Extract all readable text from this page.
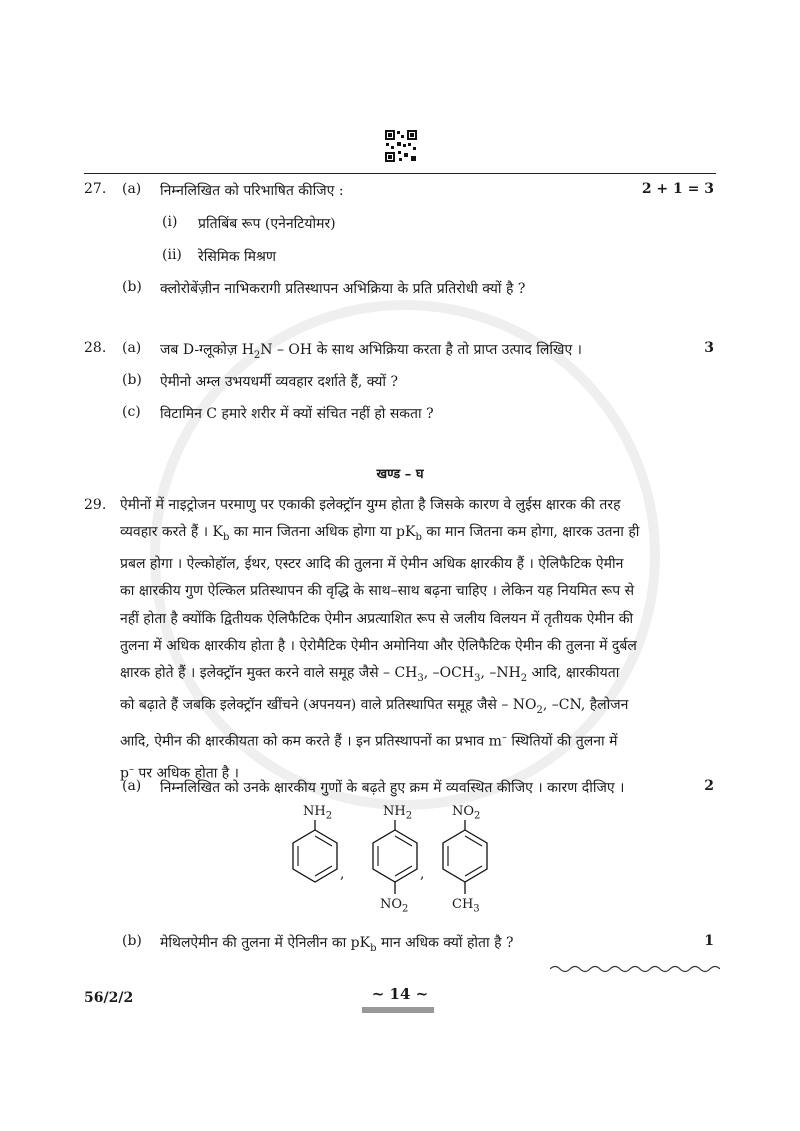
27. (a) निम्नलिखित को परिभाषित कीजिए :	2 + 1 = 3
(i) प्रतिबिंब रूप (एनेनटियोमर)
(ii) रेसिमिक मिश्रण
(b) क्लोरोबेंज़ीन नाभिकरागी प्रतिस्थापन अभिक्रिया के प्रति प्रतिरोधी क्यों है ?
28. (a) जब D-ग्लूकोज़ $H_2N$ – OH के साथ अभिक्रिया करता है तो प्राप्त उत्पाद लिखिए ।	3
(b) ऐमीनो अम्ल उभयधर्मी व्यवहार दर्शाते हैं, क्यों ?
(c) विटामिन C हमारे शरीर में क्यों संचित नहीं हो सकता ?
खण्ड – घ
29. ऐमीनों में नाइट्रोजन परमाणु पर एकाकी इलेक्ट्रॉन युग्म होता है जिसके कारण वे लुईस क्षारक की तरह

व्यवहार करते हैं । $K_b$ का मान जितना अधिक होगा या $pK_b$ का मान जितना कम होगा, क्षारक उतना ही

प्रबल होगा । ऐल्कोहॉल, ईथर, एस्टर आदि की तुलना में ऐमीन अधिक क्षारकीय हैं । ऐलिफैटिक ऐमीन

का क्षारकीय गुण ऐल्किल प्रतिस्थापन की वृद्धि के साथ–साथ बढ़ना चाहिए । लेकिन यह नियमित रूप से

नहीं होता है क्योंकि द्वितीयक ऐलिफैटिक ऐमीन अप्रत्याशित रूप से जलीय विलयन में तृतीयक ऐमीन की

तुलना में अधिक क्षारकीय होता है । ऐरोमैटिक ऐमीन अमोनिया और ऐलिफैटिक ऐमीन की तुलना में दुर्बल

क्षारक होते हैं । इलेक्ट्रॉन मुक्त करने वाले समूह जैसे – $CH_3$, $-OCH_3$, $-NH_2$ आदि, क्षारकीयता

को बढ़ाते हैं जबकि इलेक्ट्रॉन खींचने (अपनयन) वाले प्रतिस्थापित समूह जैसे – $NO_2$, –CN, हैलोजन

आदि, ऐमीन की क्षारकीयता को कम करते हैं । इन प्रतिस्थापनों का प्रभाव m– स्थितियों की तुलना में

p– पर अधिक होता है ।

(a) निम्नलिखित को उनके क्षारकीय गुणों के बढ़ते हुए क्रम में व्यवस्थित कीजिए । कारण दीजिए ।	2
$NH_2$	$NH_2$
$NO_2$
$NO_2$
$CH_3$
,	,
(b) मेथिलऐमीन की तुलना में ऐनिलीन का $pK_b$ मान अधिक क्यों होता है ?	1
56/2/2	~ 14 ~
